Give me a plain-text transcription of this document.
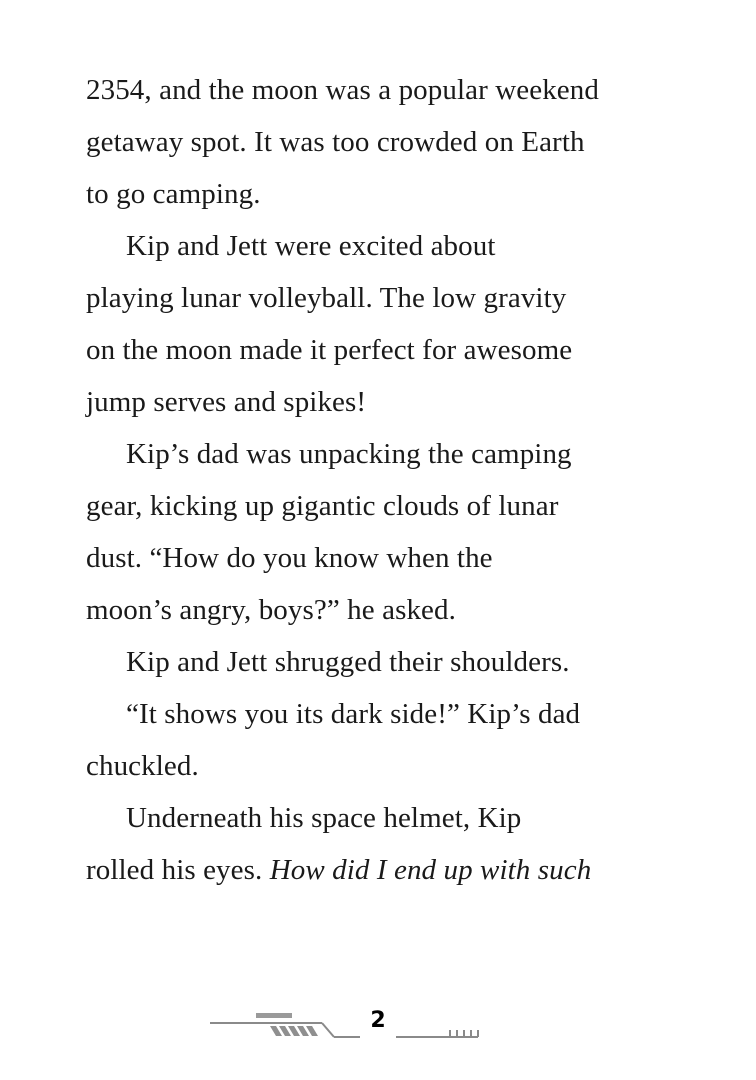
2354, and the moon was a popular weekend
getaway spot. It was too crowded on Earth
to go camping.
Kip and Jett were excited about
playing lunar volleyball. The low gravity
on the moon made it perfect for awesome
jump serves and spikes!
Kip’s dad was unpacking the camping
gear, kicking up gigantic clouds of lunar
dust. “How do you know when the
moon’s angry, boys?” he asked.
Kip and Jett shrugged their shoulders.
“It shows you its dark side!” Kip’s dad
chuckled.
Underneath his space helmet, Kip
rolled his eyes. How did I end up with such
2
